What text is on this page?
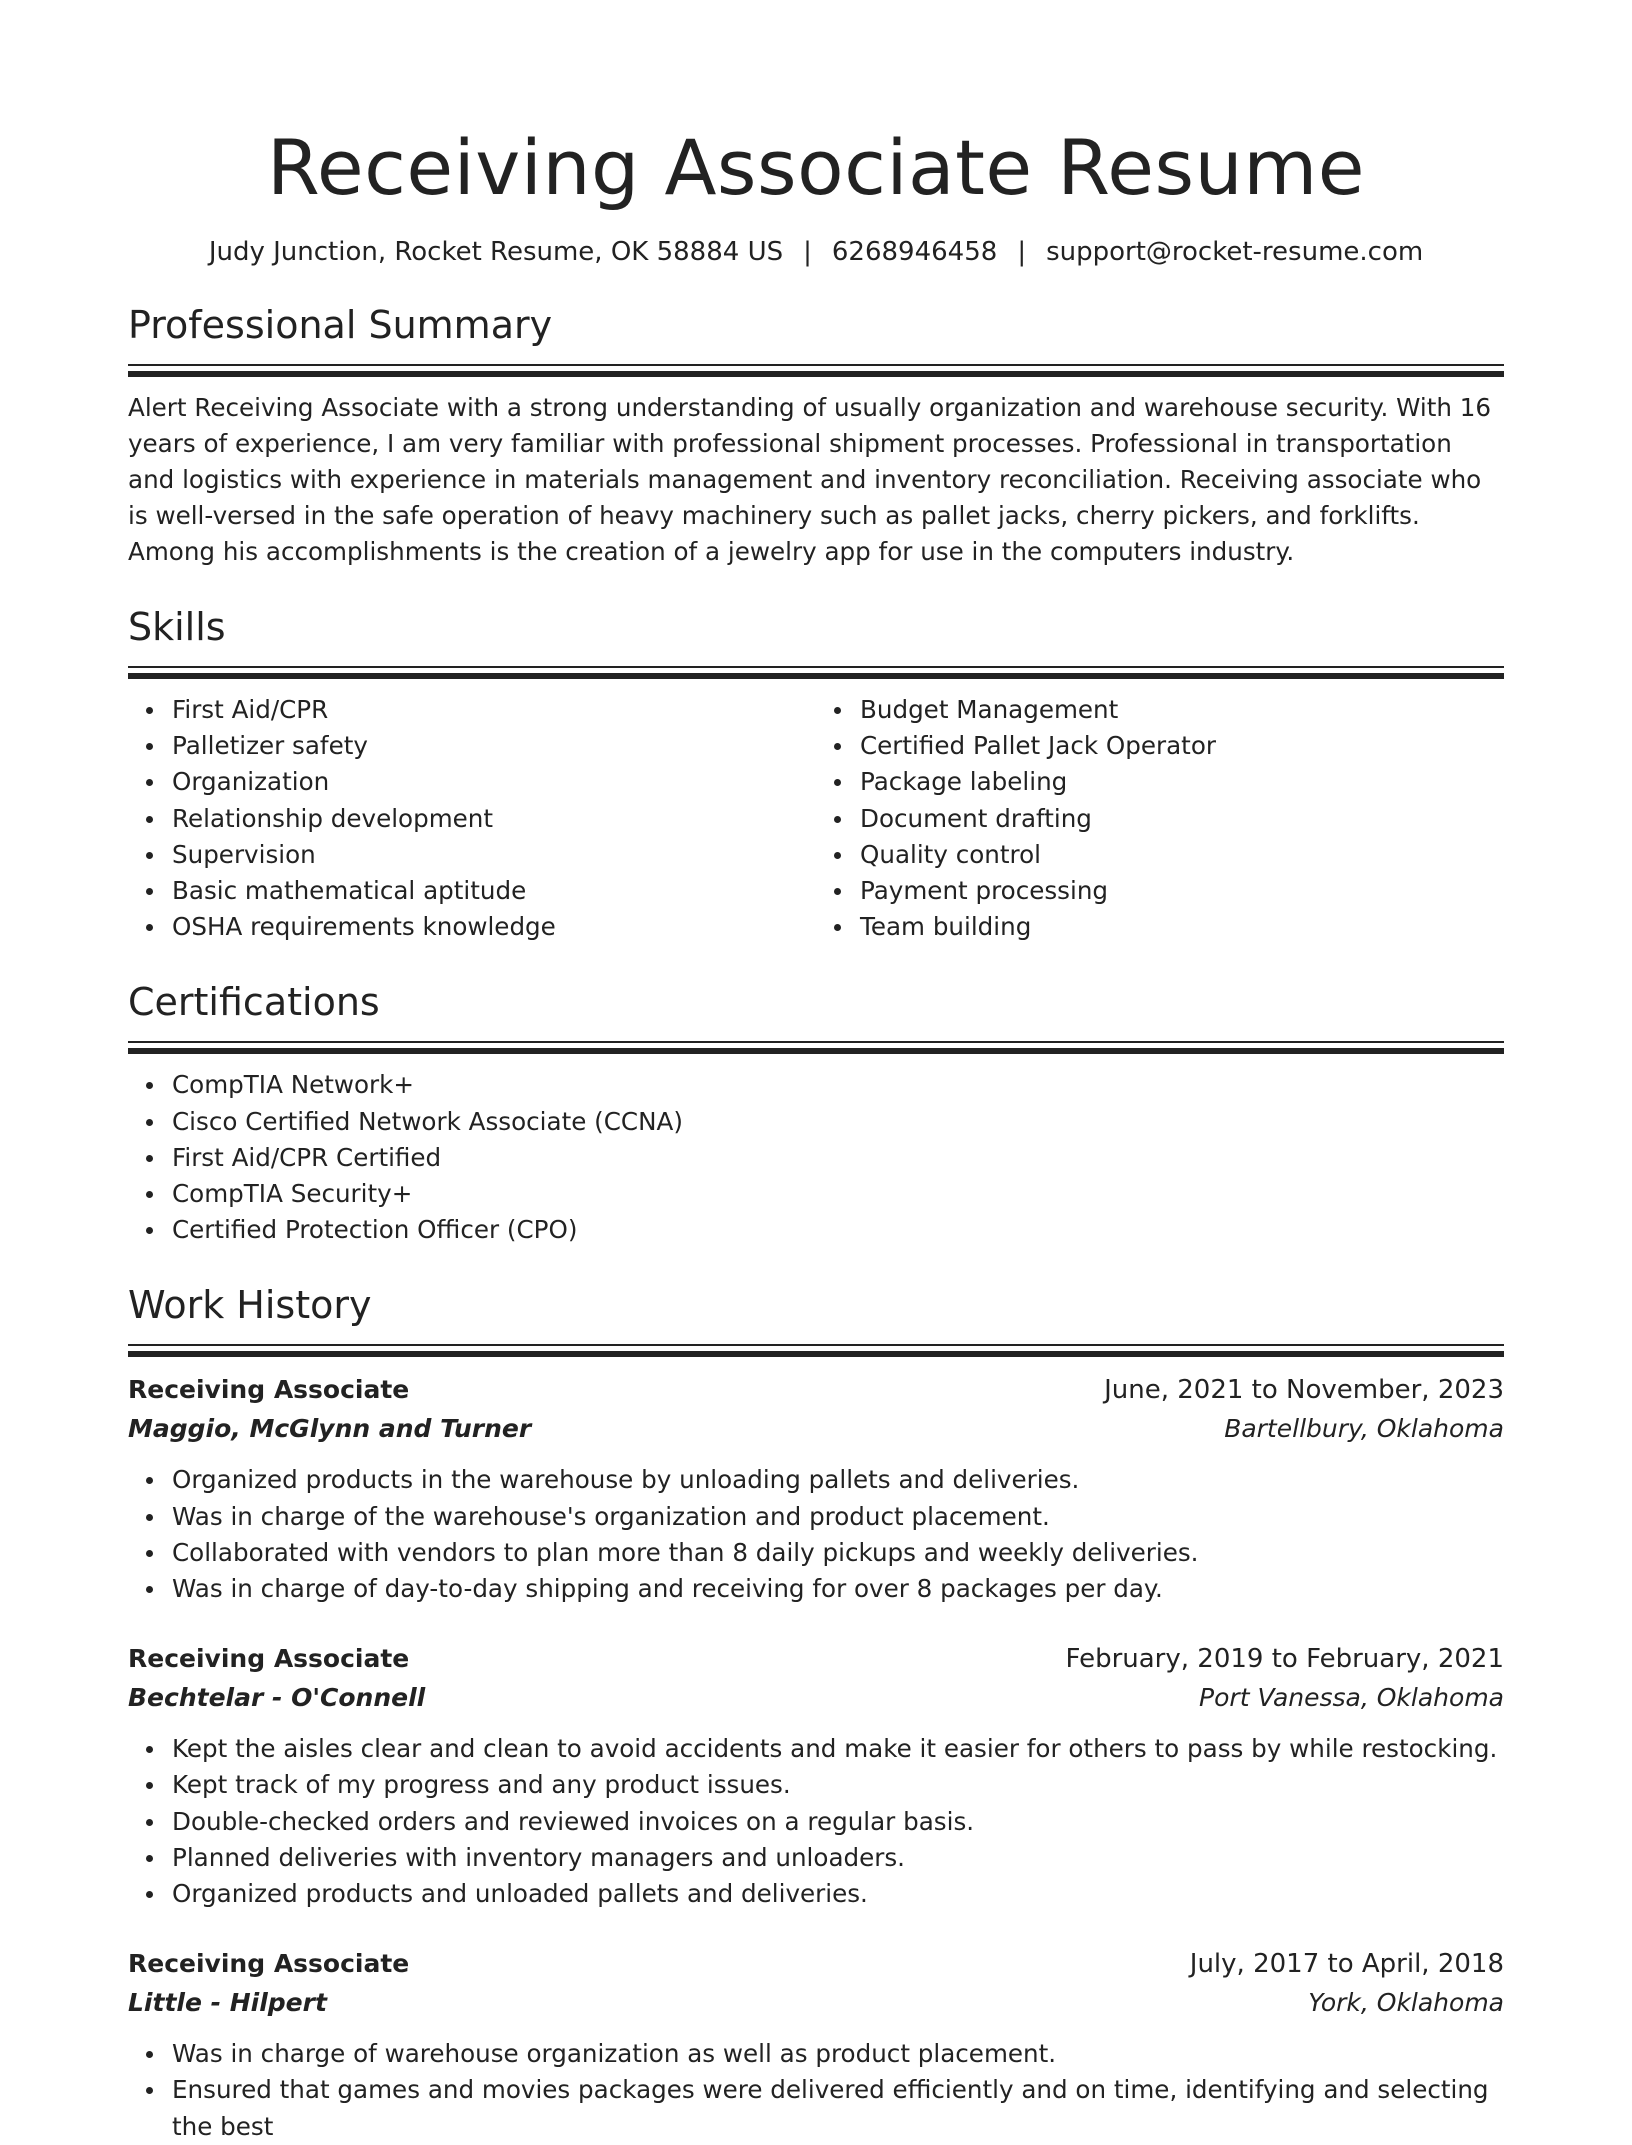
Receiving Associate Resume
Judy Junction, Rocket Resume, OK 58884 US | 6268946458 | support@rocket-resume.com
Professional Summary
Alert Receiving Associate with a strong understanding of usually organization and warehouse security. With 16 years of experience, I am very familiar with professional shipment processes. Professional in transportation and logistics with experience in materials management and inventory reconciliation. Receiving associate who is well-versed in the safe operation of heavy machinery such as pallet jacks, cherry pickers, and forklifts. Among his accomplishments is the creation of a jewelry app for use in the computers industry.
Skills
First Aid/CPR
Palletizer safety
Organization
Relationship development
Supervision
Basic mathematical aptitude
OSHA requirements knowledge
Budget Management
Certified Pallet Jack Operator
Package labeling
Document drafting
Quality control
Payment processing
Team building
Certifications
CompTIA Network+
Cisco Certified Network Associate (CCNA)
First Aid/CPR Certified
CompTIA Security+
Certified Protection Officer (CPO)
Work History
Receiving Associate	June, 2021 to November, 2023
Maggio, McGlynn and Turner	Bartellbury, Oklahoma
Organized products in the warehouse by unloading pallets and deliveries.
Was in charge of the warehouse's organization and product placement.
Collaborated with vendors to plan more than 8 daily pickups and weekly deliveries.
Was in charge of day-to-day shipping and receiving for over 8 packages per day.
Receiving Associate	February, 2019 to February, 2021
Bechtelar - O'Connell	Port Vanessa, Oklahoma
Kept the aisles clear and clean to avoid accidents and make it easier for others to pass by while restocking.
Kept track of my progress and any product issues.
Double-checked orders and reviewed invoices on a regular basis.
Planned deliveries with inventory managers and unloaders.
Organized products and unloaded pallets and deliveries.
Receiving Associate	July, 2017 to April, 2018
Little - Hilpert	York, Oklahoma
Was in charge of warehouse organization as well as product placement.
Ensured that games and movies packages were delivered efficiently and on time, identifying and selecting the best
